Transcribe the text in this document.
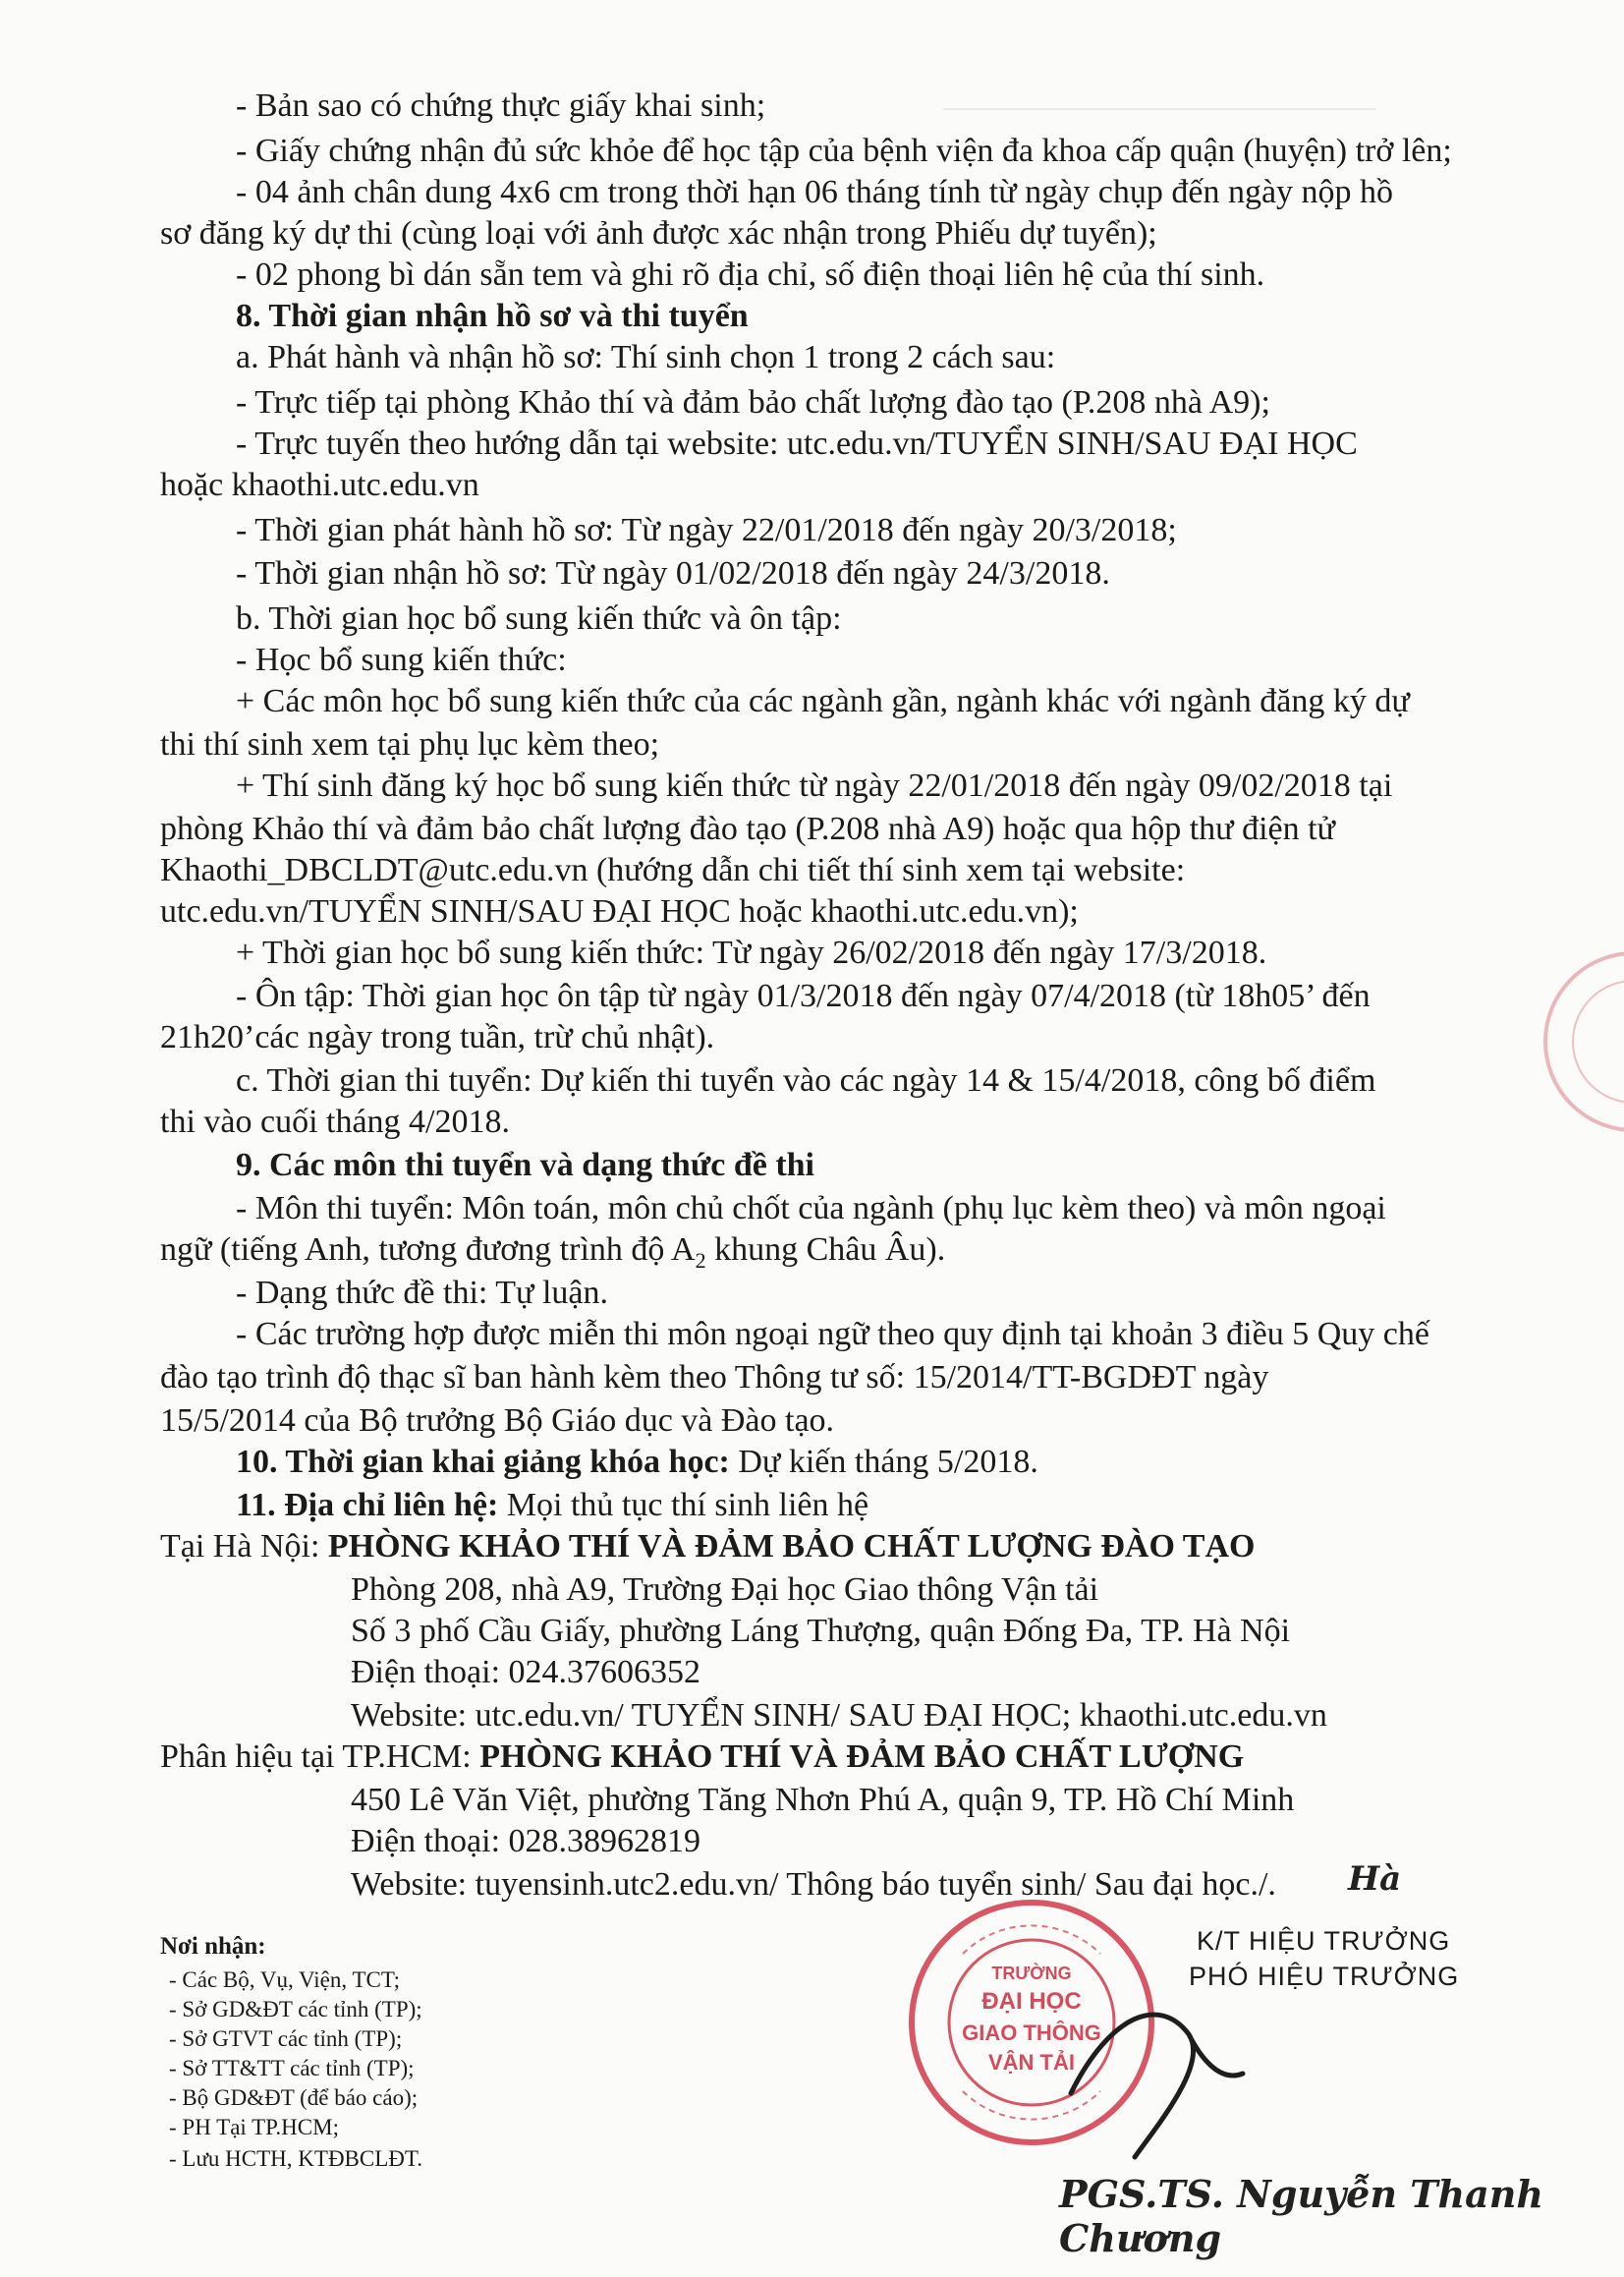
- Bản sao có chứng thực giấy khai sinh;
- Giấy chứng nhận đủ sức khỏe để học tập của bệnh viện đa khoa cấp quận (huyện) trở lên;
- 04 ảnh chân dung 4x6 cm trong thời hạn 06 tháng tính từ ngày chụp đến ngày nộp hồ
sơ đăng ký dự thi (cùng loại với ảnh được xác nhận trong Phiếu dự tuyển);
- 02 phong bì dán sẵn tem và ghi rõ địa chỉ, số điện thoại liên hệ của thí sinh.
8. Thời gian nhận hồ sơ và thi tuyển
a. Phát hành và nhận hồ sơ: Thí sinh chọn 1 trong 2 cách sau:
- Trực tiếp tại phòng Khảo thí và đảm bảo chất lượng đào tạo (P.208 nhà A9);
- Trực tuyến theo hướng dẫn tại website: utc.edu.vn/TUYỂN SINH/SAU ĐẠI HỌC
hoặc khaothi.utc.edu.vn
- Thời gian phát hành hồ sơ: Từ ngày 22/01/2018 đến ngày 20/3/2018;
- Thời gian nhận hồ sơ: Từ ngày 01/02/2018 đến ngày 24/3/2018.
b. Thời gian học bổ sung kiến thức và ôn tập:
- Học bổ sung kiến thức:
+ Các môn học bổ sung kiến thức của các ngành gần, ngành khác với ngành đăng ký dự
thi thí sinh xem tại phụ lục kèm theo;
+ Thí sinh đăng ký học bổ sung kiến thức từ ngày 22/01/2018 đến ngày 09/02/2018 tại
phòng Khảo thí và đảm bảo chất lượng đào tạo (P.208 nhà A9) hoặc qua hộp thư điện tử
Khaothi_DBCLDT@utc.edu.vn (hướng dẫn chi tiết thí sinh xem tại website:
utc.edu.vn/TUYỂN SINH/SAU ĐẠI HỌC hoặc khaothi.utc.edu.vn);
+ Thời gian học bổ sung kiến thức: Từ ngày 26/02/2018 đến ngày 17/3/2018.
- Ôn tập: Thời gian học ôn tập từ ngày 01/3/2018 đến ngày 07/4/2018 (từ 18h05’ đến
21h20’các ngày trong tuần, trừ chủ nhật).
c. Thời gian thi tuyển: Dự kiến thi tuyển vào các ngày 14 & 15/4/2018, công bố điểm
thi vào cuối tháng 4/2018.
9. Các môn thi tuyển và dạng thức đề thi
- Môn thi tuyển: Môn toán, môn chủ chốt của ngành (phụ lục kèm theo) và môn ngoại
ngữ (tiếng Anh, tương đương trình độ $A_2$ khung Châu Âu).
- Dạng thức đề thi: Tự luận.
- Các trường hợp được miễn thi môn ngoại ngữ theo quy định tại khoản 3 điều 5 Quy chế
đào tạo trình độ thạc sĩ ban hành kèm theo Thông tư số: 15/2014/TT-BGDĐT ngày
15/5/2014 của Bộ trưởng Bộ Giáo dục và Đào tạo.
10. Thời gian khai giảng khóa học: Dự kiến tháng 5/2018.
11. Địa chỉ liên hệ: Mọi thủ tục thí sinh liên hệ
Tại Hà Nội: PHÒNG KHẢO THÍ VÀ ĐẢM BẢO CHẤT LƯỢNG ĐÀO TẠO
Phòng 208, nhà A9, Trường Đại học Giao thông Vận tải
Số 3 phố Cầu Giấy, phường Láng Thượng, quận Đống Đa, TP. Hà Nội
Điện thoại: 024.37606352
Website: utc.edu.vn/ TUYỂN SINH/ SAU ĐẠI HỌC; khaothi.utc.edu.vn
Phân hiệu tại TP.HCM: PHÒNG KHẢO THÍ VÀ ĐẢM BẢO CHẤT LƯỢNG
450 Lê Văn Việt, phường Tăng Nhơn Phú A, quận 9, TP. Hồ Chí Minh
Điện thoại: 028.38962819
Website: tuyensinh.utc2.edu.vn/ Thông báo tuyển sinh/ Sau đại học./.
Nơi nhận:
- Các Bộ, Vụ, Viện, TCT;
- Sở GD&ĐT các tỉnh (TP);
- Sở GTVT các tỉnh (TP);
- Sở TT&TT các tỉnh (TP);
- Bộ GD&ĐT (để báo cáo);
- PH Tại TP.HCM;
- Lưu HCTH, KTĐBCLĐT.
K/T HIỆU TRƯỞNG
PHÓ HIỆU TRƯỞNG
Hà
TRƯỜNG
ĐẠI HỌC
GIAO THÔNG
VẬN TẢI
PGS.TS. Nguyễn Thanh Chương
